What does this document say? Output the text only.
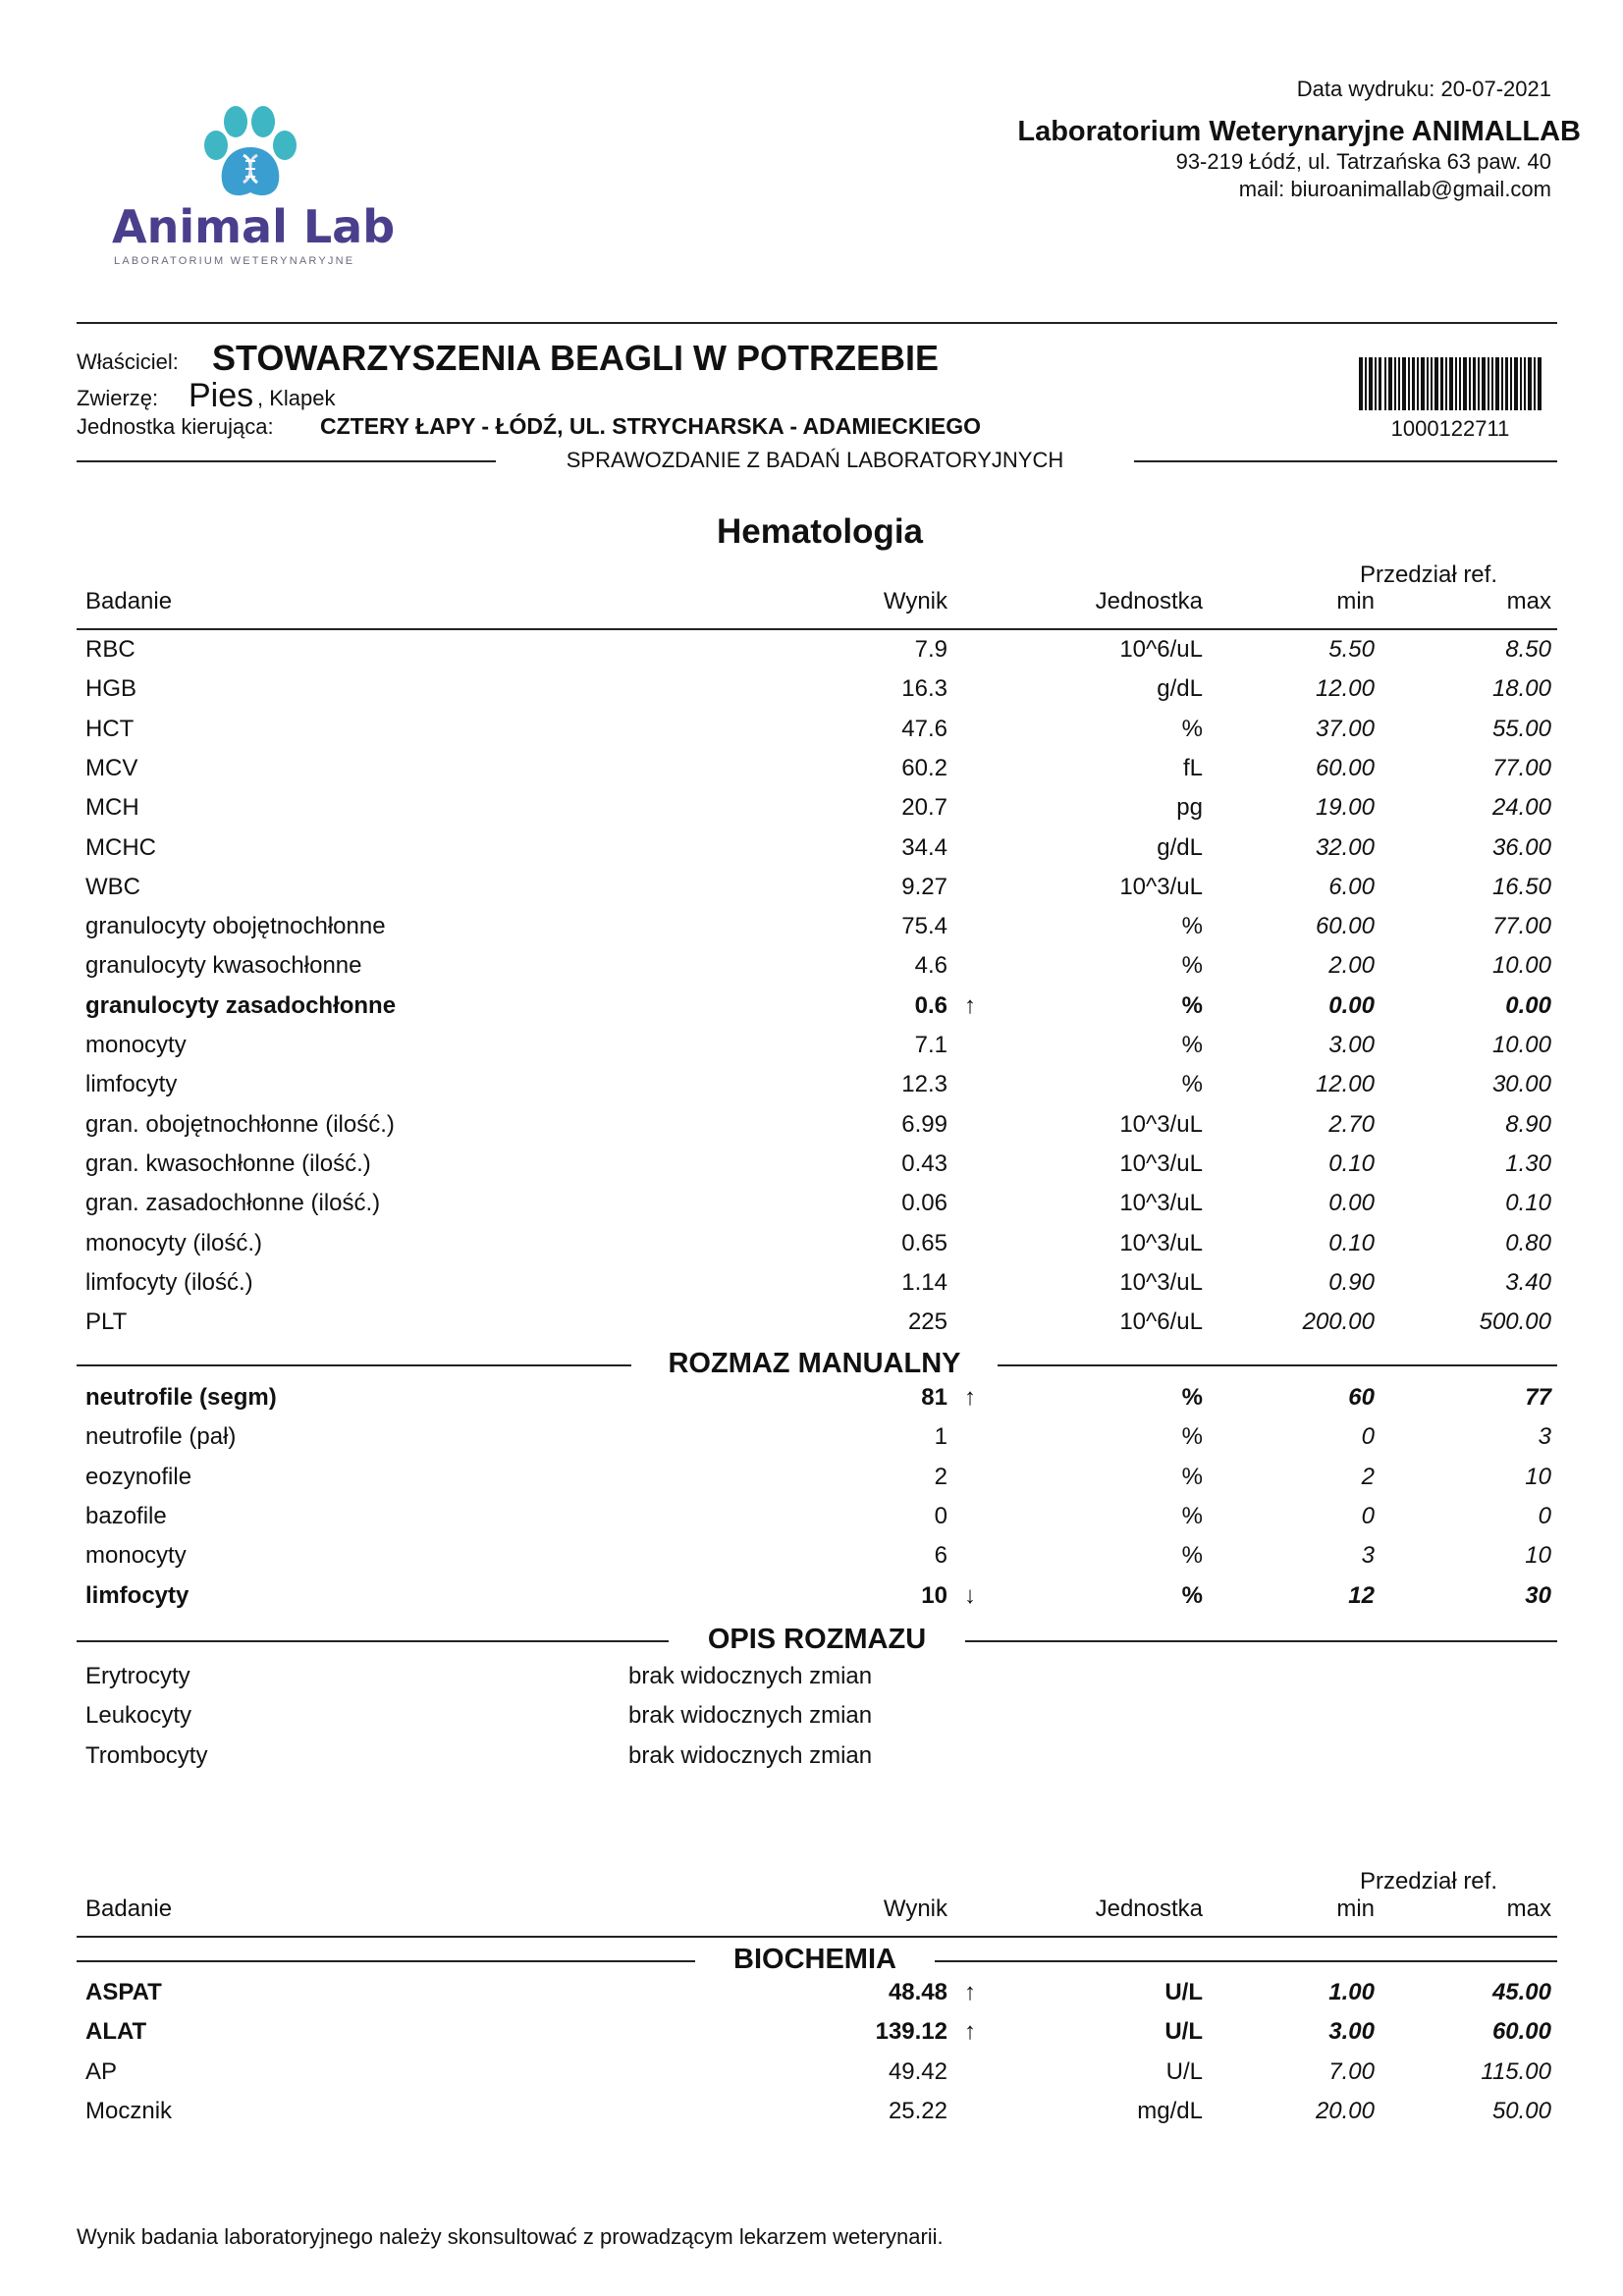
Data wydruku: 20-07-2021
Animal Lab
LABORATORIUM WETERYNARYJNE
Laboratorium Weterynaryjne ANIMALLAB
93-219 Łódź, ul. Tatrzańska 63 paw. 40
mail: biuroanimallab@gmail.com
Właściciel: STOWARZYSZENIA BEAGLI W POTRZEBIE
Zwierzę: Pies , Klapek
Jednostka kierująca: CZTERY ŁAPY - ŁÓDŹ, UL. STRYCHARSKA - ADAMIECKIEGO	1000122711
SPRAWOZDANIE Z BADAŃ LABORATORYJNYCH
Hematologia
Przedział ref.
Badanie	Wynik	Jednostka	min	max
RBC	7.9	10^6/uL	5.50	8.50
HGB	16.3	g/dL	12.00	18.00
HCT	47.6	%	37.00	55.00
MCV	60.2	fL	60.00	77.00
MCH	20.7	pg	19.00	24.00
MCHC	34.4	g/dL	32.00	36.00
WBC	9.27	10^3/uL	6.00	16.50
granulocyty obojętnochłonne	75.4	%	60.00	77.00
granulocyty kwasochłonne	4.6	%	2.00	10.00
granulocyty zasadochłonne	0.6 ↑	%	0.00	0.00
monocyty	7.1	%	3.00	10.00
limfocyty	12.3	%	12.00	30.00
gran. obojętnochłonne (ilość.)	6.99	10^3/uL	2.70	8.90
gran. kwasochłonne (ilość.)	0.43	10^3/uL	0.10	1.30
gran. zasadochłonne (ilość.)	0.06	10^3/uL	0.00	0.10
monocyty (ilość.)	0.65	10^3/uL	0.10	0.80
limfocyty (ilość.)	1.14	10^3/uL	0.90	3.40
PLT	225	10^6/uL	200.00	500.00
ROZMAZ MANUALNY
neutrofile (segm)	81 ↑	%	60	77
neutrofile (pał)	1	%	0	3
eozynofile	2	%	2	10
bazofile	0	%	0	0
monocyty	6	%	3	10
limfocyty	10 ↓	%	12	30
OPIS ROZMAZU
Erytrocyty	brak widocznych zmian
Leukocyty	brak widocznych zmian
Trombocyty	brak widocznych zmian
Przedział ref.
Badanie	Wynik	Jednostka	min	max
BIOCHEMIA
ASPAT	48.48 ↑	U/L	1.00	45.00
ALAT	139.12 ↑	U/L	3.00	60.00
AP	49.42	U/L	7.00	115.00
Mocznik	25.22	mg/dL	20.00	50.00
Wynik badania laboratoryjnego należy skonsultować z prowadzącym lekarzem weterynarii.
